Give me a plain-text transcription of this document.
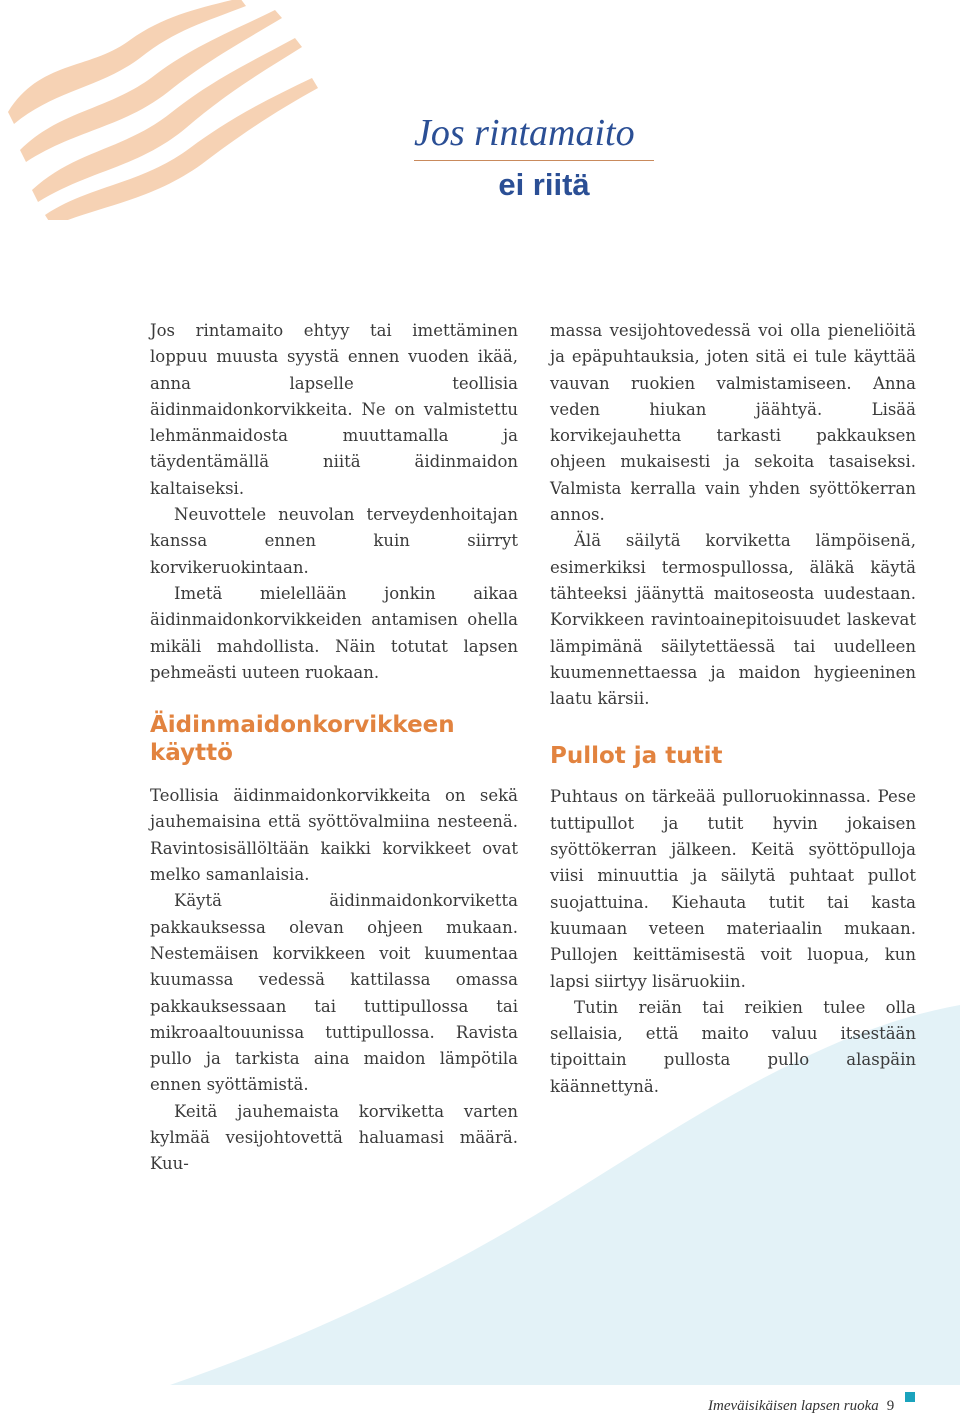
Jos rintamaito
ei riitä

Jos rintamaito ehtyy tai imettäminen loppuu muusta syystä ennen vuoden ikää, anna lapselle teollisia äidinmaidonkorvikkeita. Ne on valmistettu lehmänmaidosta muuttamalla ja täydentämällä niitä äidinmaidon kaltaiseksi.

Neuvottele neuvolan terveydenhoitajan kanssa ennen kuin siirryt korvikeruokintaan.

Imetä mielellään jonkin aikaa äidinmaidonkorvikkeiden antamisen ohella mikäli mahdollista. Näin totutat lapsen pehmeästi uuteen ruokaan.

Äidinmaidonkorvikkeen käyttö

Teollisia äidinmaidonkorvikkeita on sekä jauhemaisina että syöttövalmiina nesteenä. Ravintosisällöltään kaikki korvikkeet ovat melko samanlaisia.

Käytä äidinmaidonkorviketta pakkauksessa olevan ohjeen mukaan. Nestemäisen korvikkeen voit kuumentaa kuumassa vedessä kattilassa omassa pakkauksessaan tai tuttipullossa tai mikroaaltouunissa tuttipullossa. Ravista pullo ja tarkista aina maidon lämpötila ennen syöttämistä.

Keitä jauhemaista korviketta varten kylmää vesijohtovettä haluamasi määrä. Kuu-

massa vesijohtovedessä voi olla pieneliöitä ja epäpuhtauksia, joten sitä ei tule käyttää vauvan ruokien valmistamiseen. Anna veden hiukan jäähtyä. Lisää korvikejauhetta tarkasti pakkauksen ohjeen mukaisesti ja sekoita tasaiseksi. Valmista kerralla vain yhden syöttökerran annos.

Älä säilytä korviketta lämpöisenä, esimerkiksi termospullossa, äläkä käytä tähteeksi jäänyttä maitoseosta uudestaan. Korvikkeen ravintoainepitoisuudet laskevat lämpimänä säilytettäessä tai uudelleen kuumennettaessa ja maidon hygieeninen laatu kärsii.

Pullot ja tutit

Puhtaus on tärkeää pulloruokinnassa. Pese tuttipullot ja tutit hyvin jokaisen syöttökerran jälkeen. Keitä syöttöpulloja viisi minuuttia ja säilytä puhtaat pullot suojattuina. Kiehauta tutit tai kasta kuumaan veteen materiaalin mukaan. Pullojen keittämisestä voit luopua, kun lapsi siirtyy lisäruokiin.

Tutin reiän tai reikien tulee olla sellaisia, että maito valuu itsestään tipoittain pullosta pullo alaspäin käännettynä.

Imeväisikäisen lapsen ruoka 9
